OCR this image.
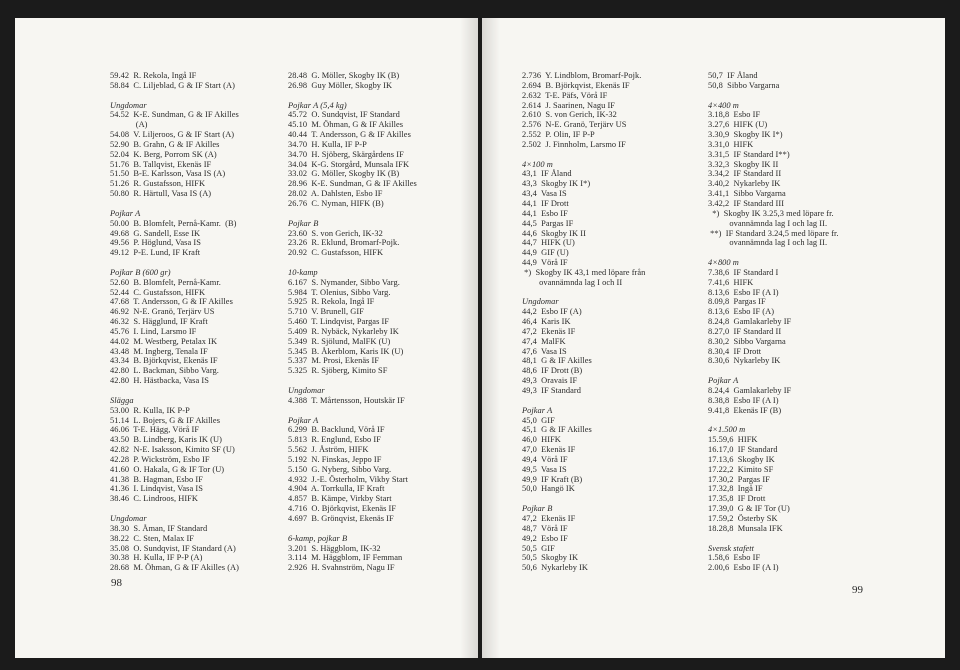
59.42  R. Rekola, Ingå IF
58.84  C. Liljeblad, G & IF Start (A)
Ungdomar
54.52  K-E. Sundman, G & IF Akilles
(A)
54.08  V. Liljeroos, G & IF Start (A)
52.90  B. Grahn, G & IF Akilles
52.04  K. Berg, Porrom SK (A)
51.76  B. Tallqvist, Ekenäs IF
51.50  B-E. Karlsson, Vasa IS (A)
51.26  R. Gustafsson, HIFK
50.80  R. Härtull, Vasa IS (A)
Pojkar A
50.00  B. Blomfelt, Pernå-Kamr.  (B)
49.68  G. Sandell, Esse IK
49.56  P. Höglund, Vasa IS
49.12  P-E. Lund, IF Kraft
Pojkar B (600 gr)
52.60  B. Blomfelt, Pernå-Kamr.
52.44  C. Gustafsson, HIFK
47.68  T. Andersson, G & IF Akilles
46.92  N-E. Granö, Terjärv US
46.32  S. Hägglund, IF Kraft
45.76  I. Lind, Larsmo IF
44.02  M. Westberg, Petalax IK
43.48  M. Ingberg, Tenala IF
43.34  B. Björkqvist, Ekenäs IF
42.80  L. Backman, Sibbo Varg.
42.80  H. Hästbacka, Vasa IS
Slägga
53.00  R. Kulla, IK P-P
51.14  L. Bojers, G & IF Akilles
46.06  T-E. Hägg, Vörå IF
43.50  B. Lindberg, Karis IK (U)
42.82  N-E. Isaksson, Kimito SF (U)
42.28  P. Wickström, Esbo IF
41.60  O. Hakala, G & IF Tor (U)
41.38  B. Hagman, Esbo IF
41.36  I. Lindqvist, Vasa IS
38.46  C. Lindroos, HIFK
Ungdomar
38.30  S. Åman, IF Standard
38.22  C. Sten, Malax IF
35.08  O. Sundqvist, IF Standard (A)
30.38  H. Kulla, IF P-P (A)
28.68  M. Öhman, G & IF Akilles (A)
28.48  G. Möller, Skogby IK (B)
26.98  Guy Möller, Skogby IK
Pojkar A (5,4 kg)
45.72  O. Sundqvist, IF Standard
45.10  M. Öhman, G & IF Akilles
40.44  T. Andersson, G & IF Akilles
34.70  H. Kulla, IF P-P
34.70  H. Sjöberg, Skärgårdens IF
34.04  K-G. Storgård, Munsala IFK
33.02  G. Möller, Skogby IK (B)
28.96  K-E. Sundman, G & IF Akilles
28.02  A. Dahlsten, Esbo IF
26.76  C. Nyman, HIFK (B)
Pojkar B
23.60  S. von Gerich, IK-32
23.26  R. Eklund, Bromarf-Pojk.
20.92  C. Gustafsson, HIFK
10-kamp
6.167  S. Nymander, Sibbo Varg.
5.984  T. Olenius, Sibbo Varg.
5.925  R. Rekola, Ingå IF
5.710  V. Brunell, GIF
5.460  T. Lindqvist, Pargas IF
5.409  R. Nybäck, Nykarleby IK
5.349  R. Sjölund, MalFK (U)
5.345  B. Åkerblom, Karis IK (U)
5.337  M. Prosi, Ekenäs IF
5.325  R. Sjöberg, Kimito SF
Ungdomar
4.388  T. Mårtensson, Houtskär IF
Pojkar A
6.299  B. Backlund, Vörå IF
5.813  R. Englund, Esbo IF
5.562  J. Åström, HIFK
5.192  N. Finskas, Jeppo IF
5.150  G. Nyberg, Sibbo Varg.
4.932  J.-E. Österholm, Vikby Start
4.904  A. Torrkulla, IF Kraft
4.857  B. Kämpe, Virkby Start
4.716  O. Björkqvist, Ekenäs IF
4.697  B. Grönqvist, Ekenäs IF
6-kamp, pojkar B
3.201  S. Häggblom, IK-32
3.114  M. Häggblom, IF Femman
2.926  H. Svahnström, Nagu IF
98
2.736  Y. Lindblom, Bromarf-Pojk.
2.694  B. Björkqvist, Ekenäs IF
2.632  T-E. Päfs, Vörå IF
2.614  J. Saarinen, Nagu IF
2.610  S. von Gerich, IK-32
2.576  N-E. Granö, Terjärv US
2.552  P. Olin, IF P-P
2.502  J. Finnholm, Larsmo IF
4×100 m
43,1  IF Åland
43,3  Skogby IK I*)
43,4  Vasa IS
44,1  IF Drott
44,1  Esbo IF
44,5  Pargas IF
44,6  Skogby IK II
44,7  HIFK (U)
44,9  GIF (U)
44,9  Vörå IF
*)  Skogby IK 43,1 med löpare från
ovannämnda lag I och II
Ungdomar
44,2  Esbo IF (A)
46,4  Karis IK
47,2  Ekenäs IF
47,4  MalFK
47,6  Vasa IS
48,1  G & IF Akilles
48,6  IF Drott (B)
49,3  Oravais IF
49,3  IF Standard
Pojkar A
45,0  GIF
45,1  G & IF Akilles
46,0  HIFK
47,0  Ekenäs IF
49,4  Vörå IF
49,5  Vasa IS
49,9  IF Kraft (B)
50,0  Hangö IK
Pojkar B
47,2  Ekenäs IF
48,7  Vörå IF
49,2  Esbo IF
50,5  GIF
50,5  Skogby IK
50,6  Nykarleby IK
50,7  IF Åland
50,8  Sibbo Vargarna
4×400 m
3.18,8  Esbo IF
3.27,6  HIFK (U)
3.30,9  Skogby IK I*)
3.31,0  HIFK
3.31,5  IF Standard I**)
3.32,3  Skogby IK II
3.34,2  IF Standard II
3.40,2  Nykarleby IK
3.41,1  Sibbo Vargarna
3.42,2  IF Standard III
*)  Skogby IK 3.25,3 med löpare fr.
ovannämnda lag I och lag II.
**)  IF Standard 3.24,5 med löpare fr.
ovannämnda lag I och lag II.
4×800 m
7.38,6  IF Standard I
7.41,6  HIFK
8.13,6  Esbo IF (A I)
8.09,8  Pargas IF
8.13,6  Esbo IF (A)
8.24,8  Gamlakarleby IF
8.27,0  IF Standard II
8.30,2  Sibbo Vargarna
8.30,4  IF Drott
8.30,6  Nykarleby IK
Pojkar A
8.24,4  Gamlakarleby IF
8.38,8  Esbo IF (A I)
9.41,8  Ekenäs IF (B)
4×1.500 m
15.59,6  HIFK
16.17,0  IF Standard
17.13,6  Skogby IK
17.22,2  Kimito SF
17.30,2  Pargas IF
17.32,8  Ingå IF
17.35,8  IF Drott
17.39,0  G & IF Tor (U)
17.59,2  Österby SK
18.28,8  Munsala IFK
Svensk stafett
1.58,6  Esbo IF
2.00,6  Esbo IF (A I)
99
